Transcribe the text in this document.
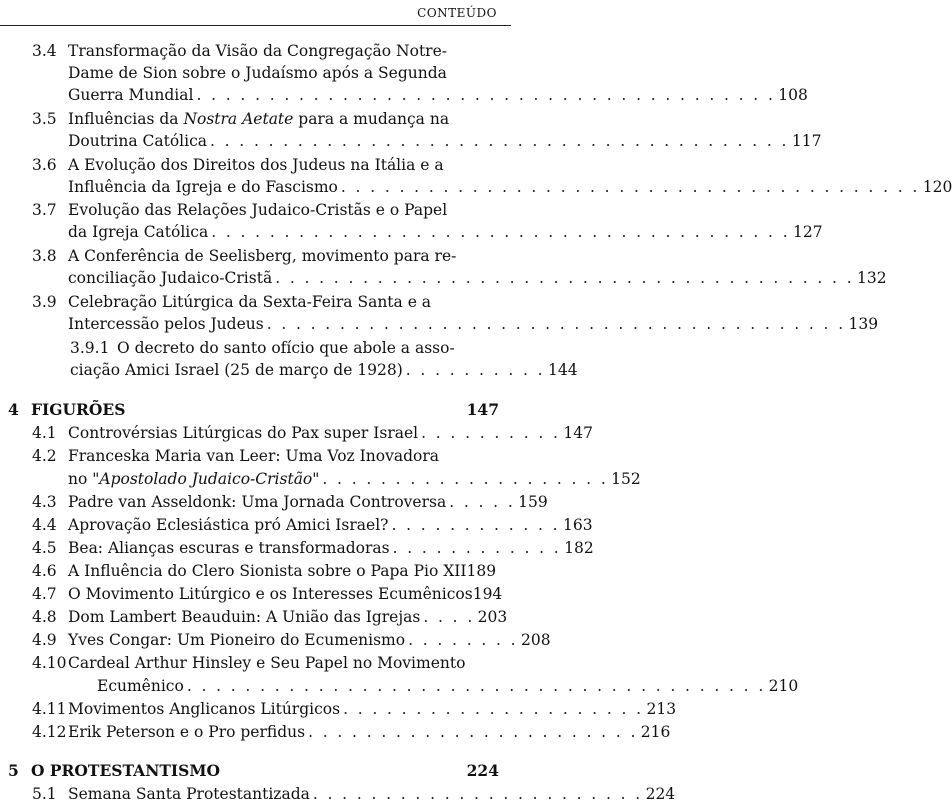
CONTEÚDO
3.4 Transformação da Visão da Congregação Notre-
Dame de Sion sobre o Judaísmo após a Segunda
Guerra Mundial . . . . . . . . . . . . . . . . . . . . . . . . . . . . . . . . . . . . . . . . 108
3.5 Influências da Nostra Aetate para a mudança na
Doutrina Católica . . . . . . . . . . . . . . . . . . . . . . . . . . . . . . . . . . . . . . . . 117
3.6 A Evolução dos Direitos dos Judeus na Itália e a
Influência da Igreja e do Fascismo . . . . . . . . . . . . . . . . . . . . . . . . . . . . . . . . . . . . . . . . 120
3.7 Evolução das Relações Judaico-Cristãs e o Papel
da Igreja Católica . . . . . . . . . . . . . . . . . . . . . . . . . . . . . . . . . . . . . . . . 127
3.8 A Conferência de Seelisberg, movimento para re-
conciliação Judaico-Cristã . . . . . . . . . . . . . . . . . . . . . . . . . . . . . . . . . . . . . . . . 132
3.9 Celebração Litúrgica da Sexta-Feira Santa e a
Intercessão pelos Judeus . . . . . . . . . . . . . . . . . . . . . . . . . . . . . . . . . . . . . . . . 139
3.9.1 O decreto do santo ofício que abole a asso-
ciação Amici Israel (25 de março de 1928) . . . . . . . . . . 144
4 FIGURÕES	147
4.1 Controvérsias Litúrgicas do Pax super Israel . . . . . . . . . . 147
4.2 Franceska Maria van Leer: Uma Voz Inovadora
no "Apostolado Judaico-Cristão" . . . . . . . . . . . . . . . . . . . . 152
4.3 Padre van Asseldonk: Uma Jornada Controversa . . . . . 159
4.4 Aprovação Eclesiástica pró Amici Israel? . . . . . . . . . . . . 163
4.5 Bea: Alianças escuras e transformadoras . . . . . . . . . . . . 182
4.6 A Influência do Clero Sionista sobre o Papa Pio XII 189
4.7 O Movimento Litúrgico e os Interesses Ecumênicos 194
4.8 Dom Lambert Beauduin: A União das Igrejas . . . . 203
4.9 Yves Congar: Um Pioneiro do Ecumenismo . . . . . . . . 208
4.10 Cardeal Arthur Hinsley e Seu Papel no Movimento
Ecumênico . . . . . . . . . . . . . . . . . . . . . . . . . . . . . . . . . . . . . . . . 210
4.11 Movimentos Anglicanos Litúrgicos . . . . . . . . . . . . . . . . . . . . . 213
4.12 Erik Peterson e o Pro perfidus . . . . . . . . . . . . . . . . . . . . . . . 216
5 O PROTESTANTISMO	224
5.1 Semana Santa Protestantizada . . . . . . . . . . . . . . . . . . . . . . . 224
